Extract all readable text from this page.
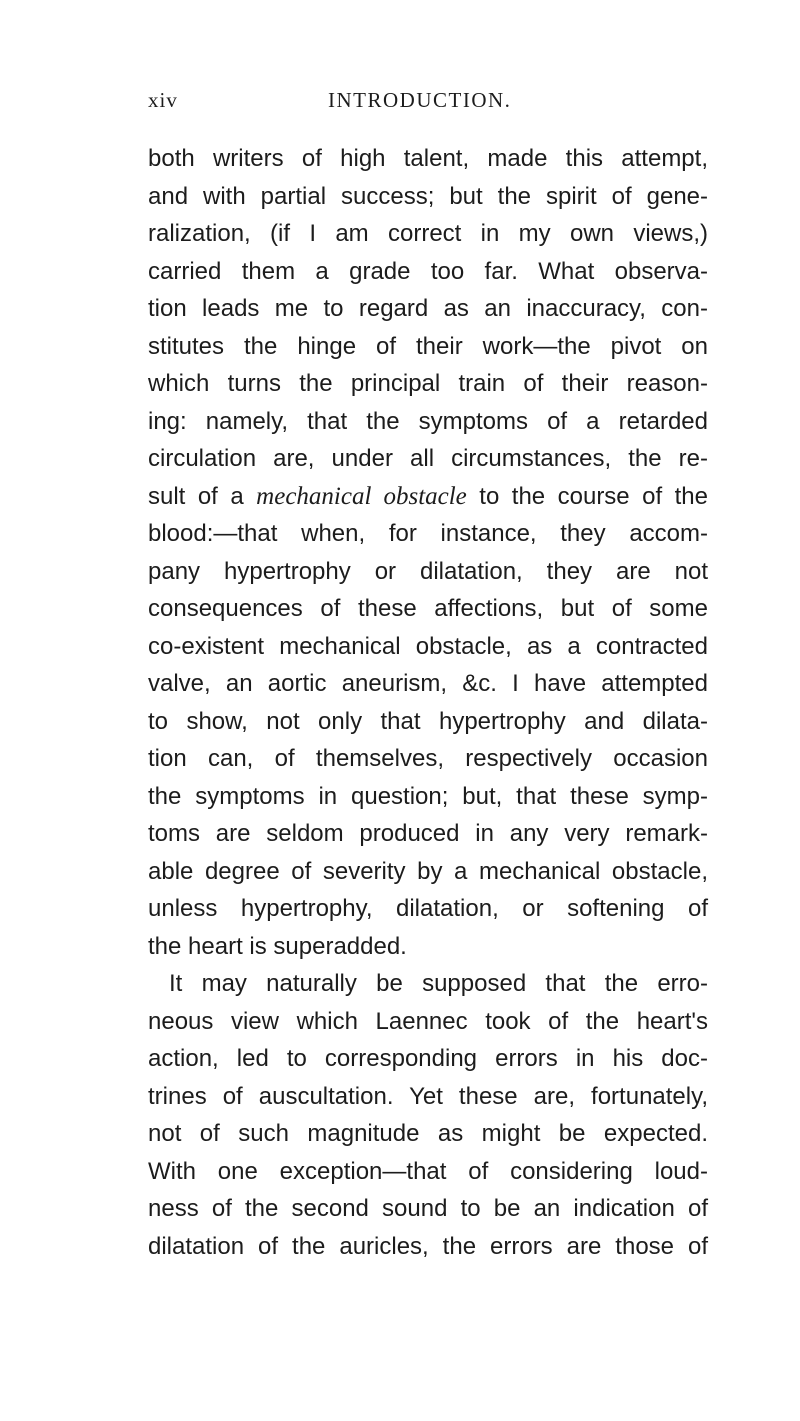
xiv	INTRODUCTION.
both writers of high talent, made this attempt,
and with partial success; but the spirit of gene-
ralization, (if I am correct in my own views,)
carried them a grade too far. What observa-
tion leads me to regard as an inaccuracy, con-
stitutes the hinge of their work—the pivot on
which turns the principal train of their reason-
ing: namely, that the symptoms of a retarded
circulation are, under all circumstances, the re-
sult of a mechanical obstacle to the course of the
blood:—that when, for instance, they accom-
pany hypertrophy or dilatation, they are not
consequences of these affections, but of some
co-existent mechanical obstacle, as a contracted
valve, an aortic aneurism, &c. I have attempted
to show, not only that hypertrophy and dilata-
tion can, of themselves, respectively occasion
the symptoms in question; but, that these symp-
toms are seldom produced in any very remark-
able degree of severity by a mechanical obstacle,
unless hypertrophy, dilatation, or softening of
the heart is superadded.
It may naturally be supposed that the erro-
neous view which Laennec took of the heart's
action, led to corresponding errors in his doc-
trines of auscultation. Yet these are, fortunately,
not of such magnitude as might be expected.
With one exception—that of considering loud-
ness of the second sound to be an indication of
dilatation of the auricles, the errors are those of
